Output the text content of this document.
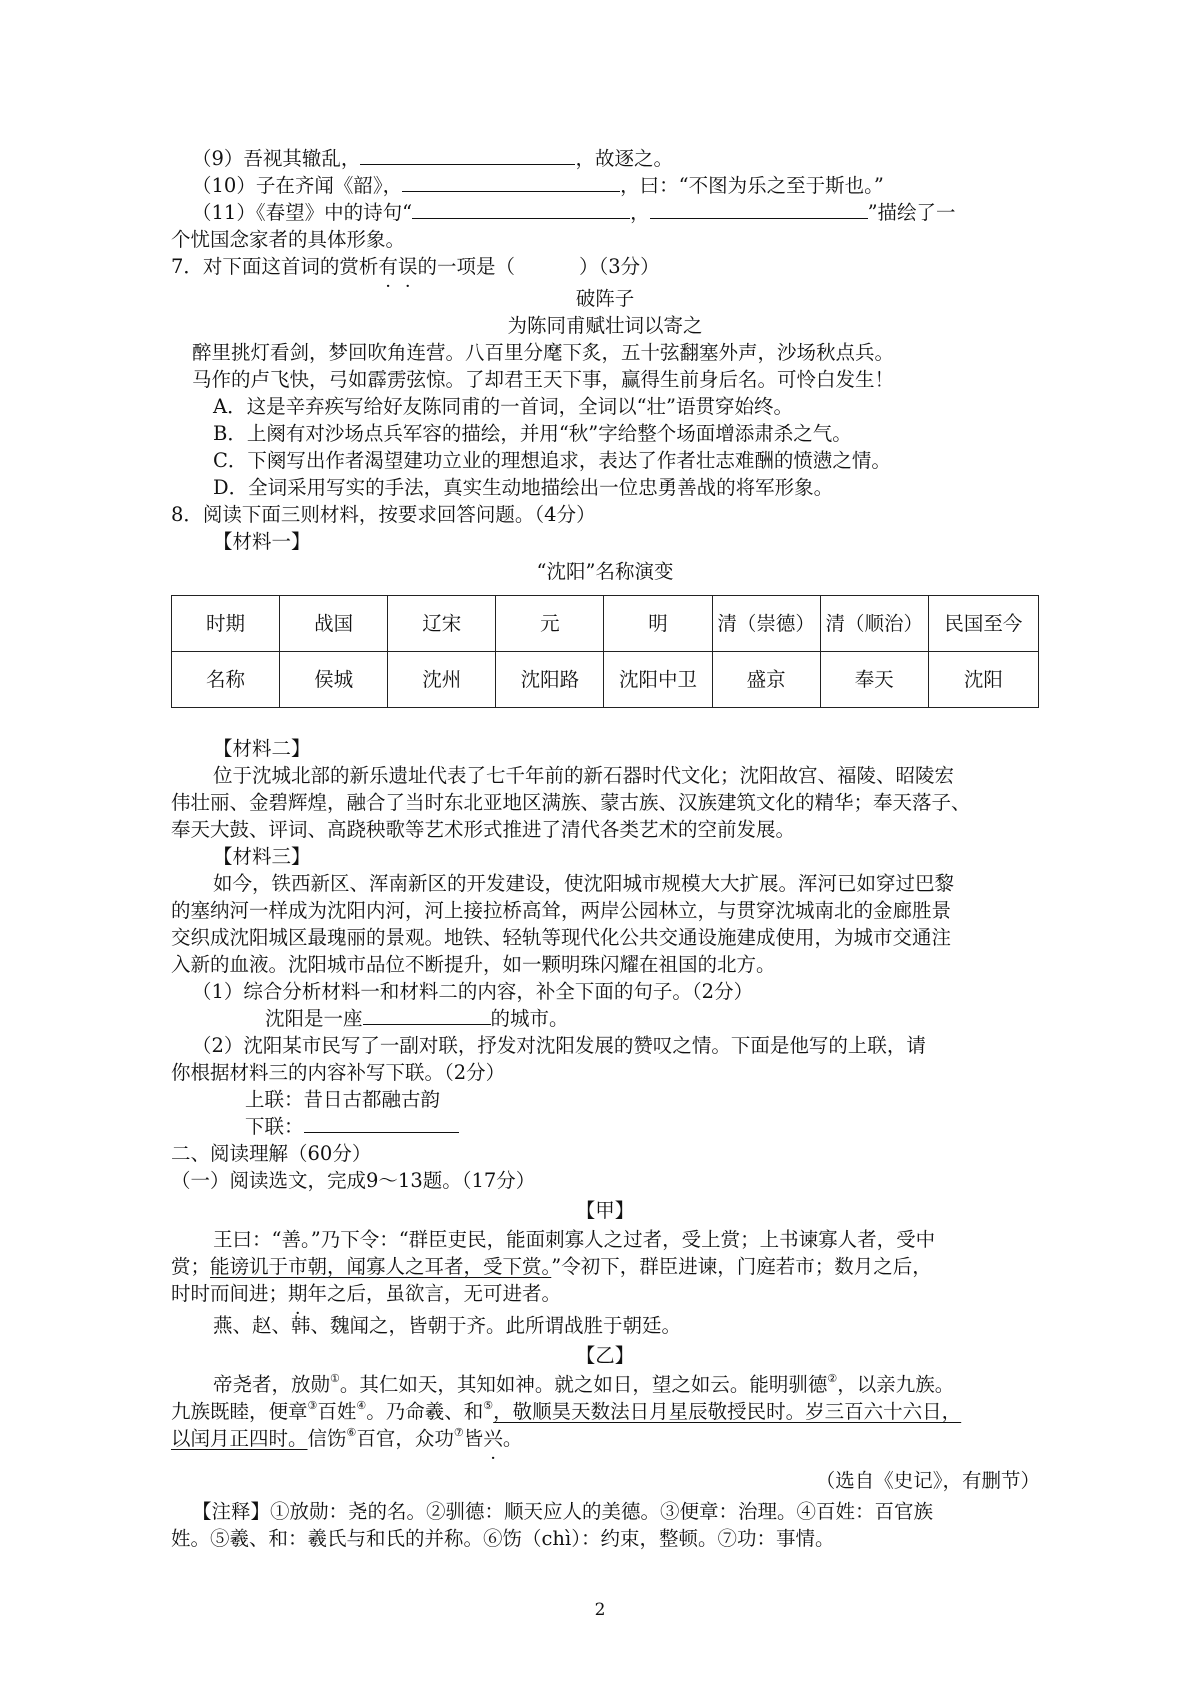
（9）吾视其辙乱，	，故逐之。
（10）子在齐闻《韶》，	，曰：“不图为乐之至于斯也。”
（11）《春望》中的诗句“	，	”描绘了一
个忧国念家者的具体形象。
7．对下面这首词的赏析有误的一项是（	）（3分）
破阵子
为陈同甫赋壮词以寄之
醉里挑灯看剑，梦回吹角连营。八百里分麾下炙，五十弦翻塞外声，沙场秋点兵。
马作的卢飞快，弓如霹雳弦惊。了却君王天下事，赢得生前身后名。可怜白发生！
A．这是辛弃疾写给好友陈同甫的一首词，全词以“壮”语贯穿始终。
B．上阕有对沙场点兵军容的描绘，并用“秋”字给整个场面增添肃杀之气。
C．下阕写出作者渴望建功立业的理想追求，表达了作者壮志难酬的愤懑之情。
D．全词采用写实的手法，真实生动地描绘出一位忠勇善战的将军形象。
8．阅读下面三则材料，按要求回答问题。（4分）
【材料一】
“沈阳”名称演变
时期	战国	辽宋	元	明	清（崇德）	清（顺治）	民国至今
名称	侯城	沈州	沈阳路	沈阳中卫	盛京	奉天	沈阳
【材料二】
位于沈城北部的新乐遗址代表了七千年前的新石器时代文化；沈阳故宫、福陵、昭陵宏
伟壮丽、金碧辉煌，融合了当时东北亚地区满族、蒙古族、汉族建筑文化的精华；奉天落子、
奉天大鼓、评词、高跷秧歌等艺术形式推进了清代各类艺术的空前发展。
【材料三】
如今，铁西新区、浑南新区的开发建设，使沈阳城市规模大大扩展。浑河已如穿过巴黎
的塞纳河一样成为沈阳内河，河上接拉桥高耸，两岸公园林立，与贯穿沈城南北的金廊胜景
交织成沈阳城区最瑰丽的景观。地铁、轻轨等现代化公共交通设施建成使用，为城市交通注
入新的血液。沈阳城市品位不断提升，如一颗明珠闪耀在祖国的北方。
（1）综合分析材料一和材料二的内容，补全下面的句子。（2分）
沈阳是一座	的城市。
（2）沈阳某市民写了一副对联，抒发对沈阳发展的赞叹之情。下面是他写的上联，请
你根据材料三的内容补写下联。（2分）
上联：昔日古都融古韵
下联：
二、阅读理解（60分）
（一）阅读选文，完成9～13题。（17分）
【甲】
王曰：“善。”乃下令：“群臣吏民，能面刺寡人之过者，受上赏；上书谏寡人者，受中
赏；能谤讥于市朝，闻寡人之耳者，受下赏。”令初下，群臣进谏，门庭若市；数月之后，
时时而间进；期年之后，虽欲言，无可进者。
燕、赵、韩、魏闻之，皆朝于齐。此所谓战胜于朝廷。
【乙】
帝尧者，放勋①。其仁如天，其知如神。就之如日，望之如云。能明驯德②，以亲九族。
九族既睦，便章③百姓④。乃命羲、和⑤，敬顺昊天数法日月星辰敬授民时。岁三百六十六日，
以闰月正四时。信饬⑥百官，众功⑦皆兴。
（选自《史记》，有删节）
【注释】①放勋：尧的名。②驯德：顺天应人的美德。③便章：治理。④百姓：百官族
姓。⑤羲、和：羲氏与和氏的并称。⑥饬（chì）：约束，整顿。⑦功：事情。
2
